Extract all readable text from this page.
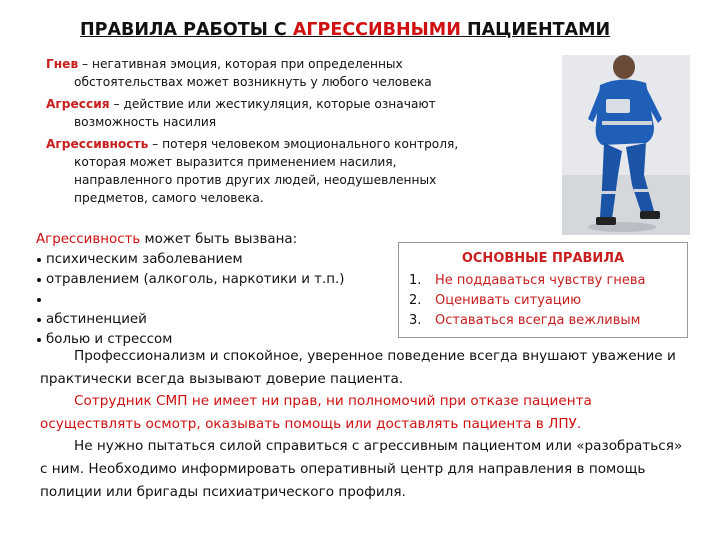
ПРАВИЛА РАБОТЫ С АГРЕССИВНЫМИ ПАЦИЕНТАМИ
Гнев – негативная эмоция, которая при определенных
обстоятельствах может возникнуть у любого человека
Агрессия – действие или жестикуляция, которые означают
возможность насилия
Агрессивность – потеря человеком эмоционального контроля,
которая может выразится применением насилия,
направленного против других людей, неодушевленных
предметов, самого человека.
Агрессивность может быть вызвана:
психическим заболеванием
отравлением (алкоголь, наркотики и т.п.)
абстиненцией
болью и стрессом
ОСНОВНЫЕ ПРАВИЛА
1.	Не поддаваться чувству гнева
2.	Оценивать ситуацию
3.	Оставаться всегда вежливым

Профессионализм и спокойное, уверенное поведение всегда внушают уважение и практически всегда вызывают доверие пациента.

Сотрудник СМП не имеет ни прав, ни полномочий при отказе пациента осуществлять осмотр, оказывать помощь или доставлять пациента в ЛПУ.

Не нужно пытаться силой справиться с агрессивным пациентом или «разобраться» с ним. Необходимо информировать оперативный центр для направления в помощь полиции или бригады психиатрического профиля.
